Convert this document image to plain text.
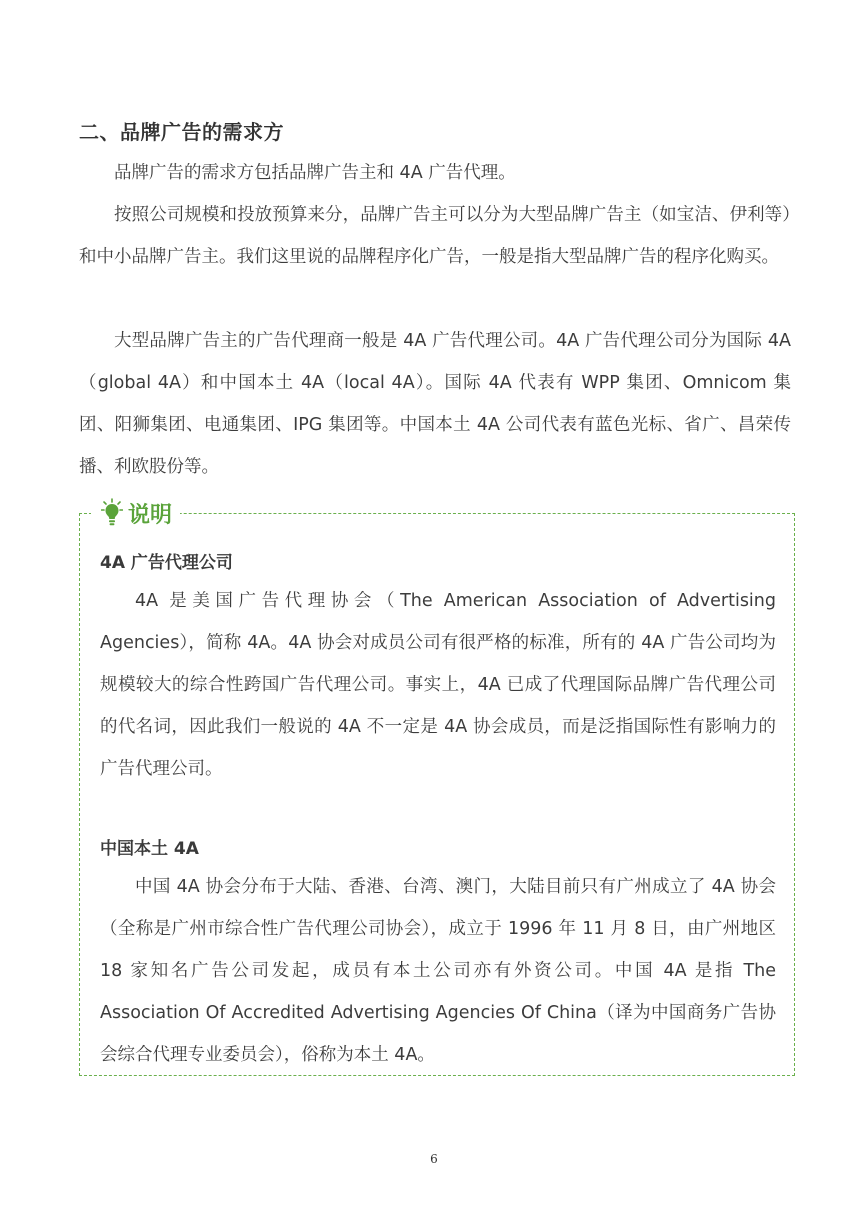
二、品牌广告的需求方

品牌广告的需求方包括品牌广告主和 4A 广告代理。

按照公司规模和投放预算来分，品牌广告主可以分为大型品牌广告主（如宝洁、伊利等）和中小品牌广告主。我们这里说的品牌程序化广告，一般是指大型品牌广告的程序化购买。

大型品牌广告主的广告代理商一般是 4A 广告代理公司。4A 广告代理公司分为国际 4A（global 4A）和中国本土 4A（local 4A）。国际 4A 代表有 WPP 集团、Omnicom 集团、阳狮集团、电通集团、IPG 集团等。中国本土 4A 公司代表有蓝色光标、省广、昌荣传播、利欧股份等。

说明
4A 广告代理公司

4A 是美国广告代理协会（The American Association of Advertising Agencies），简称 4A。4A 协会对成员公司有很严格的标准，所有的 4A 广告公司均为规模较大的综合性跨国广告代理公司。事实上，4A 已成了代理国际品牌广告代理公司的代名词，因此我们一般说的 4A 不一定是 4A 协会成员，而是泛指国际性有影响力的广告代理公司。

中国本土 4A

中国 4A 协会分布于大陆、香港、台湾、澳门，大陆目前只有广州成立了 4A 协会（全称是广州市综合性广告代理公司协会），成立于 1996 年 11 月 8 日，由广州地区 18 家知名广告公司发起，成员有本土公司亦有外资公司。中国 4A 是指 The Association Of Accredited Advertising Agencies Of China（译为中国商务广告协会综合代理专业委员会），俗称为本土 4A。

6
